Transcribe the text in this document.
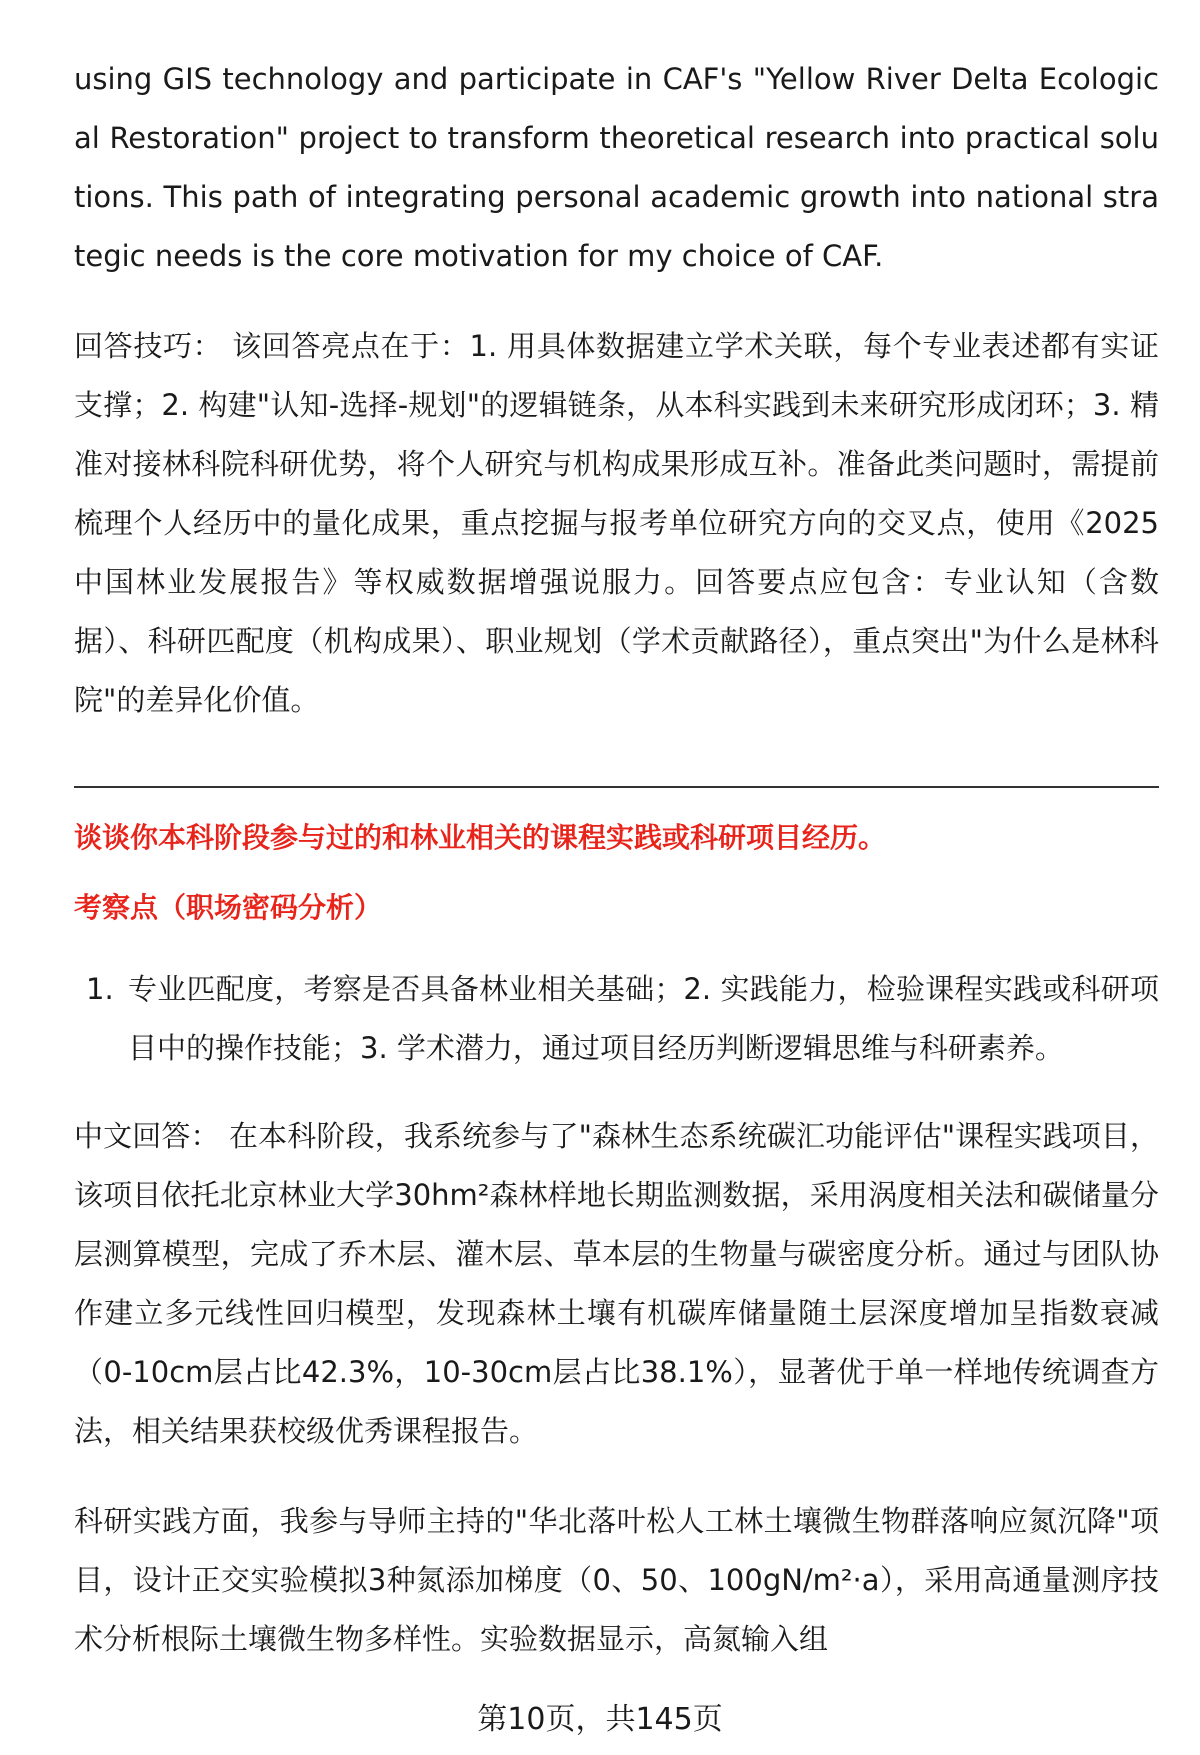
using GIS technology and participate in CAF's "Yellow River Delta Ecological Restoration" project to transform theoretical research into practical solutions. This path of integrating personal academic growth into national strategic needs is the core motivation for my choice of CAF.

回答技巧： 该回答亮点在于：1. 用具体数据建立学术关联，每个专业表述都有实证支撑；2. 构建"认知-选择-规划"的逻辑链条，从本科实践到未来研究形成闭环；3. 精准对接林科院科研优势，将个人研究与机构成果形成互补。准备此类问题时，需提前梳理个人经历中的量化成果，重点挖掘与报考单位研究方向的交叉点，使用《2025中国林业发展报告》等权威数据增强说服力。回答要点应包含：专业认知（含数据）、科研匹配度（机构成果）、职业规划（学术贡献路径），重点突出"为什么是林科院"的差异化价值。

谈谈你本科阶段参与过的和林业相关的课程实践或科研项目经历。

考察点（职场密码分析）

1. 专业匹配度，考察是否具备林业相关基础；2. 实践能力，检验课程实践或科研项目中的操作技能；3. 学术潜力，通过项目经历判断逻辑思维与科研素养。

中文回答： 在本科阶段，我系统参与了"森林生态系统碳汇功能评估"课程实践项目，该项目依托北京林业大学30hm²森林样地长期监测数据，采用涡度相关法和碳储量分层测算模型，完成了乔木层、灌木层、草本层的生物量与碳密度分析。通过与团队协作建立多元线性回归模型，发现森林土壤有机碳库储量随土层深度增加呈指数衰减（0-10cm层占比42.3%，10-30cm层占比38.1%），显著优于单一样地传统调查方法，相关结果获校级优秀课程报告。

科研实践方面，我参与导师主持的"华北落叶松人工林土壤微生物群落响应氮沉降"项目，设计正交实验模拟3种氮添加梯度（0、50、100gN/m²·a），采用高通量测序技术分析根际土壤微生物多样性。实验数据显示，高氮输入组

第10页，共145页
